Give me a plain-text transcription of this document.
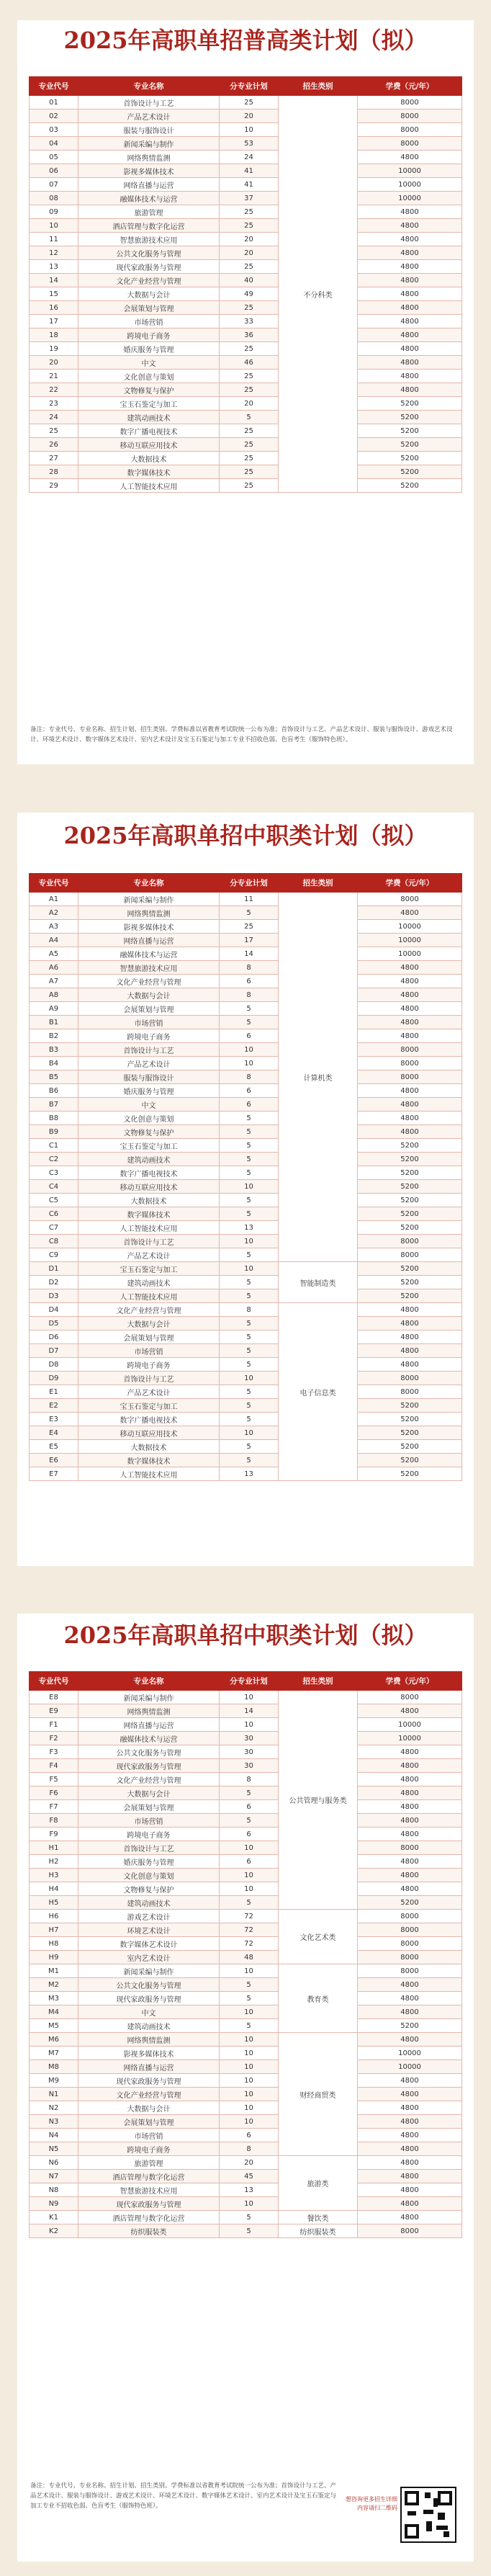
2025年高职单招普高类计划（拟）
专业代号	专业名称	分专业计划	招生类别	学费（元/年）
01	首饰设计与工艺	25	不分科类	8000
02	产品艺术设计	20		8000
03	服装与服饰设计	10		8000
04	新闻采编与制作	53		8000
05	网络舆情监测	24		4800
06	影视多媒体技术	41		10000
07	网络直播与运营	41		10000
08	融媒体技术与运营	37		10000
09	旅游管理	25		4800
10	酒店管理与数字化运营	25		4800
11	智慧旅游技术应用	20		4800
12	公共文化服务与管理	20		4800
13	现代家政服务与管理	25		4800
14	文化产业经营与管理	40		4800
15	大数据与会计	49		4800
16	会展策划与管理	25		4800
17	市场营销	33		4800
18	跨境电子商务	36		4800
19	婚庆服务与管理	25		4800
20	中文	46		4800
21	文化创意与策划	25		4800
22	文物修复与保护	25		4800
23	宝玉石鉴定与加工	20		5200
24	建筑动画技术	5		5200
25	数字广播电视技术	25		5200
26	移动互联应用技术	25		5200
27	大数据技术	25		5200
28	数字媒体技术	25		5200
29	人工智能技术应用	25		5200
备注：专业代号、专业名称、招生计划、招生类别、学费标准以省教育考试院统一公布为准；首饰设计与工艺、产品艺术设计、服装与服饰设计、游戏艺术设计、环境艺术设计、数字媒体艺术设计、室内艺术设计及宝玉石鉴定与加工专业不招收色弱、色盲考生（服饰特色班）。
2025年高职单招中职类计划（拟）
专业代号	专业名称	分专业计划	招生类别	学费（元/年）
A1	新闻采编与制作	11	计算机类	8000
A2	网络舆情监测	5		4800
A3	影视多媒体技术	25		10000
A4	网络直播与运营	17		10000
A5	融媒体技术与运营	14		10000
A6	智慧旅游技术应用	8		4800
A7	文化产业经营与管理	6		4800
A8	大数据与会计	8		4800
A9	会展策划与管理	5		4800
B1	市场营销	5		4800
B2	跨境电子商务	6		4800
B3	首饰设计与工艺	10		8000
B4	产品艺术设计	10		8000
B5	服装与服饰设计	8		8000
B6	婚庆服务与管理	6		4800
B7	中文	6		4800
B8	文化创意与策划	5		4800
B9	文物修复与保护	5		4800
C1	宝玉石鉴定与加工	5		5200
C2	建筑动画技术	5		5200
C3	数字广播电视技术	5		5200
C4	移动互联应用技术	10		5200
C5	大数据技术	5		5200
C6	数字媒体技术	5		5200
C7	人工智能技术应用	13		5200
C8	首饰设计与工艺	10		8000
C9	产品艺术设计	5		8000
D1	宝玉石鉴定与加工	10	智能制造类	5200
D2	建筑动画技术	5		5200
D3	人工智能技术应用	5		5200
D4	文化产业经营与管理	8	电子信息类	4800
D5	大数据与会计	5		4800
D6	会展策划与管理	5		4800
D7	市场营销	5		4800
D8	跨境电子商务	5		4800
D9	首饰设计与工艺	10		8000
E1	产品艺术设计	5		8000
E2	宝玉石鉴定与加工	5		5200
E3	数字广播电视技术	5		5200
E4	移动互联应用技术	10		5200
E5	大数据技术	5		5200
E6	数字媒体技术	5		5200
E7	人工智能技术应用	13		5200
2025年高职单招中职类计划（拟）
专业代号	专业名称	分专业计划	招生类别	学费（元/年）
E8	新闻采编与制作	10	公共管理与服务类	8000
E9	网络舆情监测	14		4800
F1	网络直播与运营	10		10000
F2	融媒体技术与运营	30		10000
F3	公共文化服务与管理	30		4800
F4	现代家政服务与管理	30		4800
F5	文化产业经营与管理	8		4800
F6	大数据与会计	5		4800
F7	会展策划与管理	6		4800
F8	市场营销	5		4800
F9	跨境电子商务	6		4800
H1	首饰设计与工艺	10		8000
H2	婚庆服务与管理	6		4800
H3	文化创意与策划	10		4800
H4	文物修复与保护	10		4800
H5	建筑动画技术	5		5200
H6	游戏艺术设计	72	文化艺术类	8000
H7	环境艺术设计	72		8000
H8	数字媒体艺术设计	72		8000
H9	室内艺术设计	48		8000
M1	新闻采编与制作	10	教育类	8000
M2	公共文化服务与管理	5		4800
M3	现代家政服务与管理	5		4800
M4	中文	10		4800
M5	建筑动画技术	5		5200
M6	网络舆情监测	10	财经商贸类	4800
M7	影视多媒体技术	10		10000
M8	网络直播与运营	10		10000
M9	现代家政服务与管理	10		4800
N1	文化产业经营与管理	10		4800
N2	大数据与会计	10		4800
N3	会展策划与管理	10		4800
N4	市场营销	6		4800
N5	跨境电子商务	8		4800
N6	旅游管理	20	旅游类	4800
N7	酒店管理与数字化运营	45		4800
N8	智慧旅游技术应用	13		4800
N9	现代家政服务与管理	10		4800
K1	酒店管理与数字化运营	5	餐饮类	4800
K2	纺织服装类	5	纺织服装类	8000
备注：专业代号、专业名称、招生计划、招生类别、学费标准以省教育考试院统一公布为准；首饰设计与工艺、产品艺术设计、服装与服饰设计、游戏艺术设计、环境艺术设计、数字媒体艺术设计、室内艺术设计及宝玉石鉴定与加工专业不招收色弱、色盲考生（服饰特色班）。
想咨询更多招生详细内容请扫二维码
